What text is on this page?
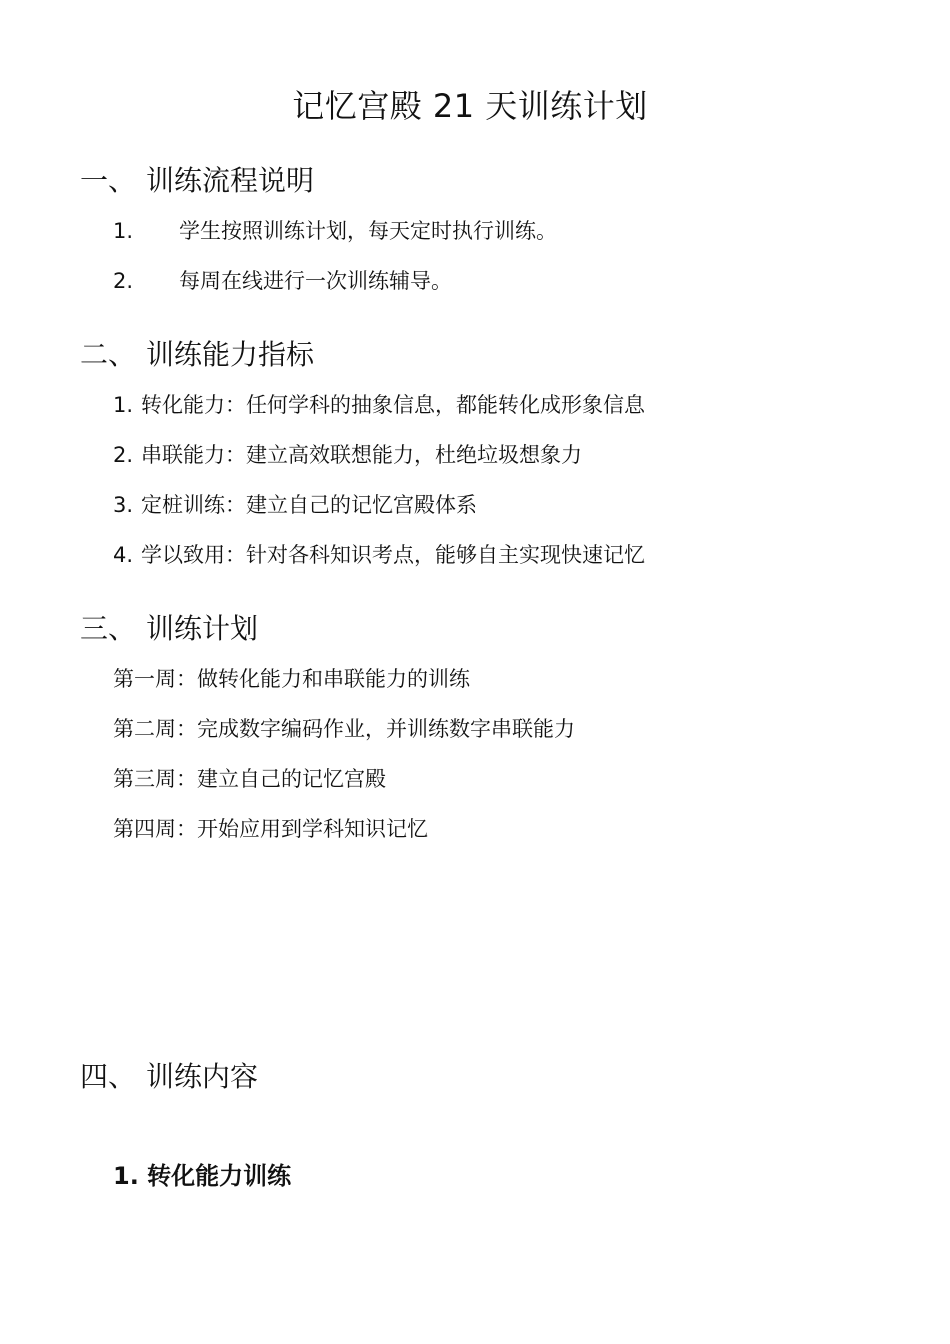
记忆宫殿 21 天训练计划
一、 训练流程说明
1. 学生按照训练计划，每天定时执行训练。
2. 每周在线进行一次训练辅导。
二、 训练能力指标
1. 转化能力：任何学科的抽象信息，都能转化成形象信息
2. 串联能力：建立高效联想能力，杜绝垃圾想象力
3. 定桩训练：建立自己的记忆宫殿体系
4. 学以致用：针对各科知识考点，能够自主实现快速记忆
三、 训练计划
第一周：做转化能力和串联能力的训练
第二周：完成数字编码作业，并训练数字串联能力
第三周：建立自己的记忆宫殿
第四周：开始应用到学科知识记忆
四、 训练内容
1. 转化能力训练
